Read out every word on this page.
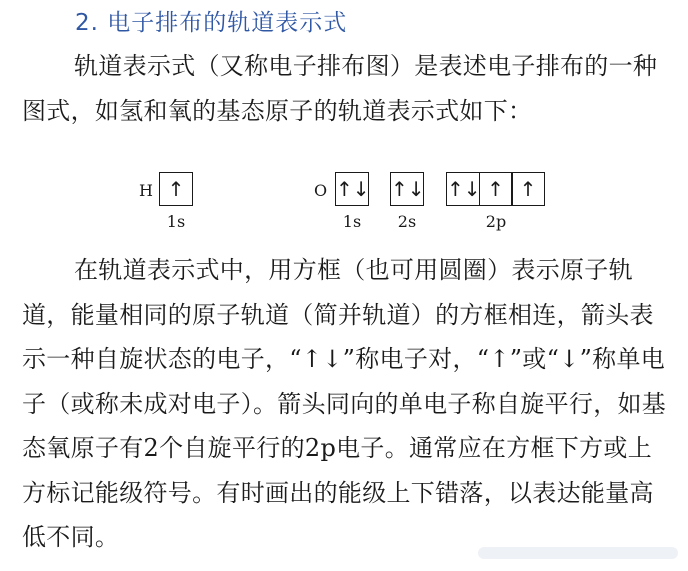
2. 电子排布的轨道表示式
轨道表示式（又称电子排布图）是表述电子排布的一种图式，如氢和氧的基态原子的轨道表示式如下：
H ↑
1s
O ↑↓
1s
↑↓
2s
↑↓ ↑ ↑
2p
在轨道表示式中，用方框（也可用圆圈）表示原子轨道，能量相同的原子轨道（简并轨道）的方框相连，箭头表示一种自旋状态的电子，“↑↓”称电子对，“↑”或“↓”称单电子（或称未成对电子）。箭头同向的单电子称自旋平行，如基态氧原子有2个自旋平行的2p电子。通常应在方框下方或上方标记能级符号。有时画出的能级上下错落，以表达能量高低不同。
